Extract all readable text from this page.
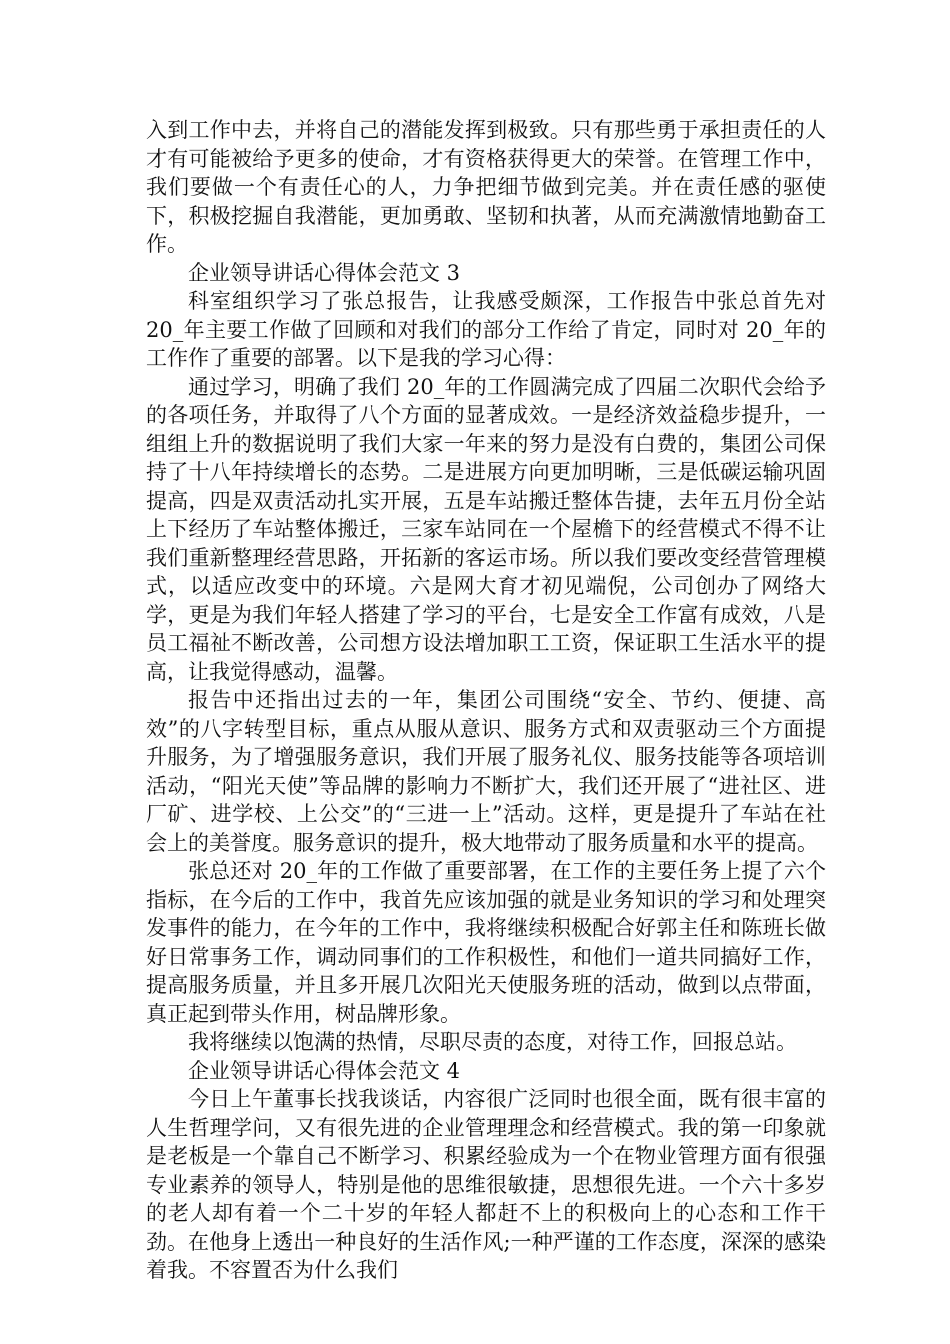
入到工作中去，并将自己的潜能发挥到极致。只有那些勇于承担责任的人才有可能被给予更多的使命，才有资格获得更大的荣誉。在管理工作中，我们要做一个有责任心的人，力争把细节做到完美。并在责任感的驱使下，积极挖掘自我潜能，更加勇敢、坚韧和执著，从而充满激情地勤奋工作。

企业领导讲话心得体会范文 3

科室组织学习了张总报告，让我感受颇深，工作报告中张总首先对 20_年主要工作做了回顾和对我们的部分工作给了肯定，同时对 20_年的工作作了重要的部署。以下是我的学习心得：

通过学习，明确了我们 20_年的工作圆满完成了四届二次职代会给予的各项任务，并取得了八个方面的显著成效。一是经济效益稳步提升，一组组上升的数据说明了我们大家一年来的努力是没有白费的，集团公司保持了十八年持续增长的态势。二是进展方向更加明晰，三是低碳运输巩固提高，四是双责活动扎实开展，五是车站搬迁整体告捷，去年五月份全站上下经历了车站整体搬迁，三家车站同在一个屋檐下的经营模式不得不让我们重新整理经营思路，开拓新的客运市场。所以我们要改变经营管理模式，以适应改变中的环境。六是网大育才初见端倪，公司创办了网络大学，更是为我们年轻人搭建了学习的平台，七是安全工作富有成效，八是员工福祉不断改善，公司想方设法增加职工工资，保证职工生活水平的提高，让我觉得感动，温馨。

报告中还指出过去的一年，集团公司围绕“安全、节约、便捷、高效”的八字转型目标，重点从服从意识、服务方式和双责驱动三个方面提升服务，为了增强服务意识，我们开展了服务礼仪、服务技能等各项培训活动，“阳光天使”等品牌的影响力不断扩大，我们还开展了“进社区、进厂矿、进学校、上公交”的“三进一上”活动。这样，更是提升了车站在社会上的美誉度。服务意识的提升，极大地带动了服务质量和水平的提高。

张总还对 20_年的工作做了重要部署，在工作的主要任务上提了六个指标，在今后的工作中，我首先应该加强的就是业务知识的学习和处理突发事件的能力，在今年的工作中，我将继续积极配合好郭主任和陈班长做好日常事务工作，调动同事们的工作积极性，和他们一道共同搞好工作，提高服务质量，并且多开展几次阳光天使服务班的活动，做到以点带面，真正起到带头作用，树品牌形象。

我将继续以饱满的热情，尽职尽责的态度，对待工作，回报总站。

企业领导讲话心得体会范文 4

今日上午董事长找我谈话，内容很广泛同时也很全面，既有很丰富的人生哲理学问，又有很先进的企业管理理念和经营模式。我的第一印象就是老板是一个靠自己不断学习、积累经验成为一个在物业管理方面有很强专业素养的领导人，特别是他的思维很敏捷，思想很先进。一个六十多岁的老人却有着一个二十岁的年轻人都赶不上的积极向上的心态和工作干劲。在他身上透出一种良好的生活作风;一种严谨的工作态度，深深的感染着我。不容置否为什么我们
